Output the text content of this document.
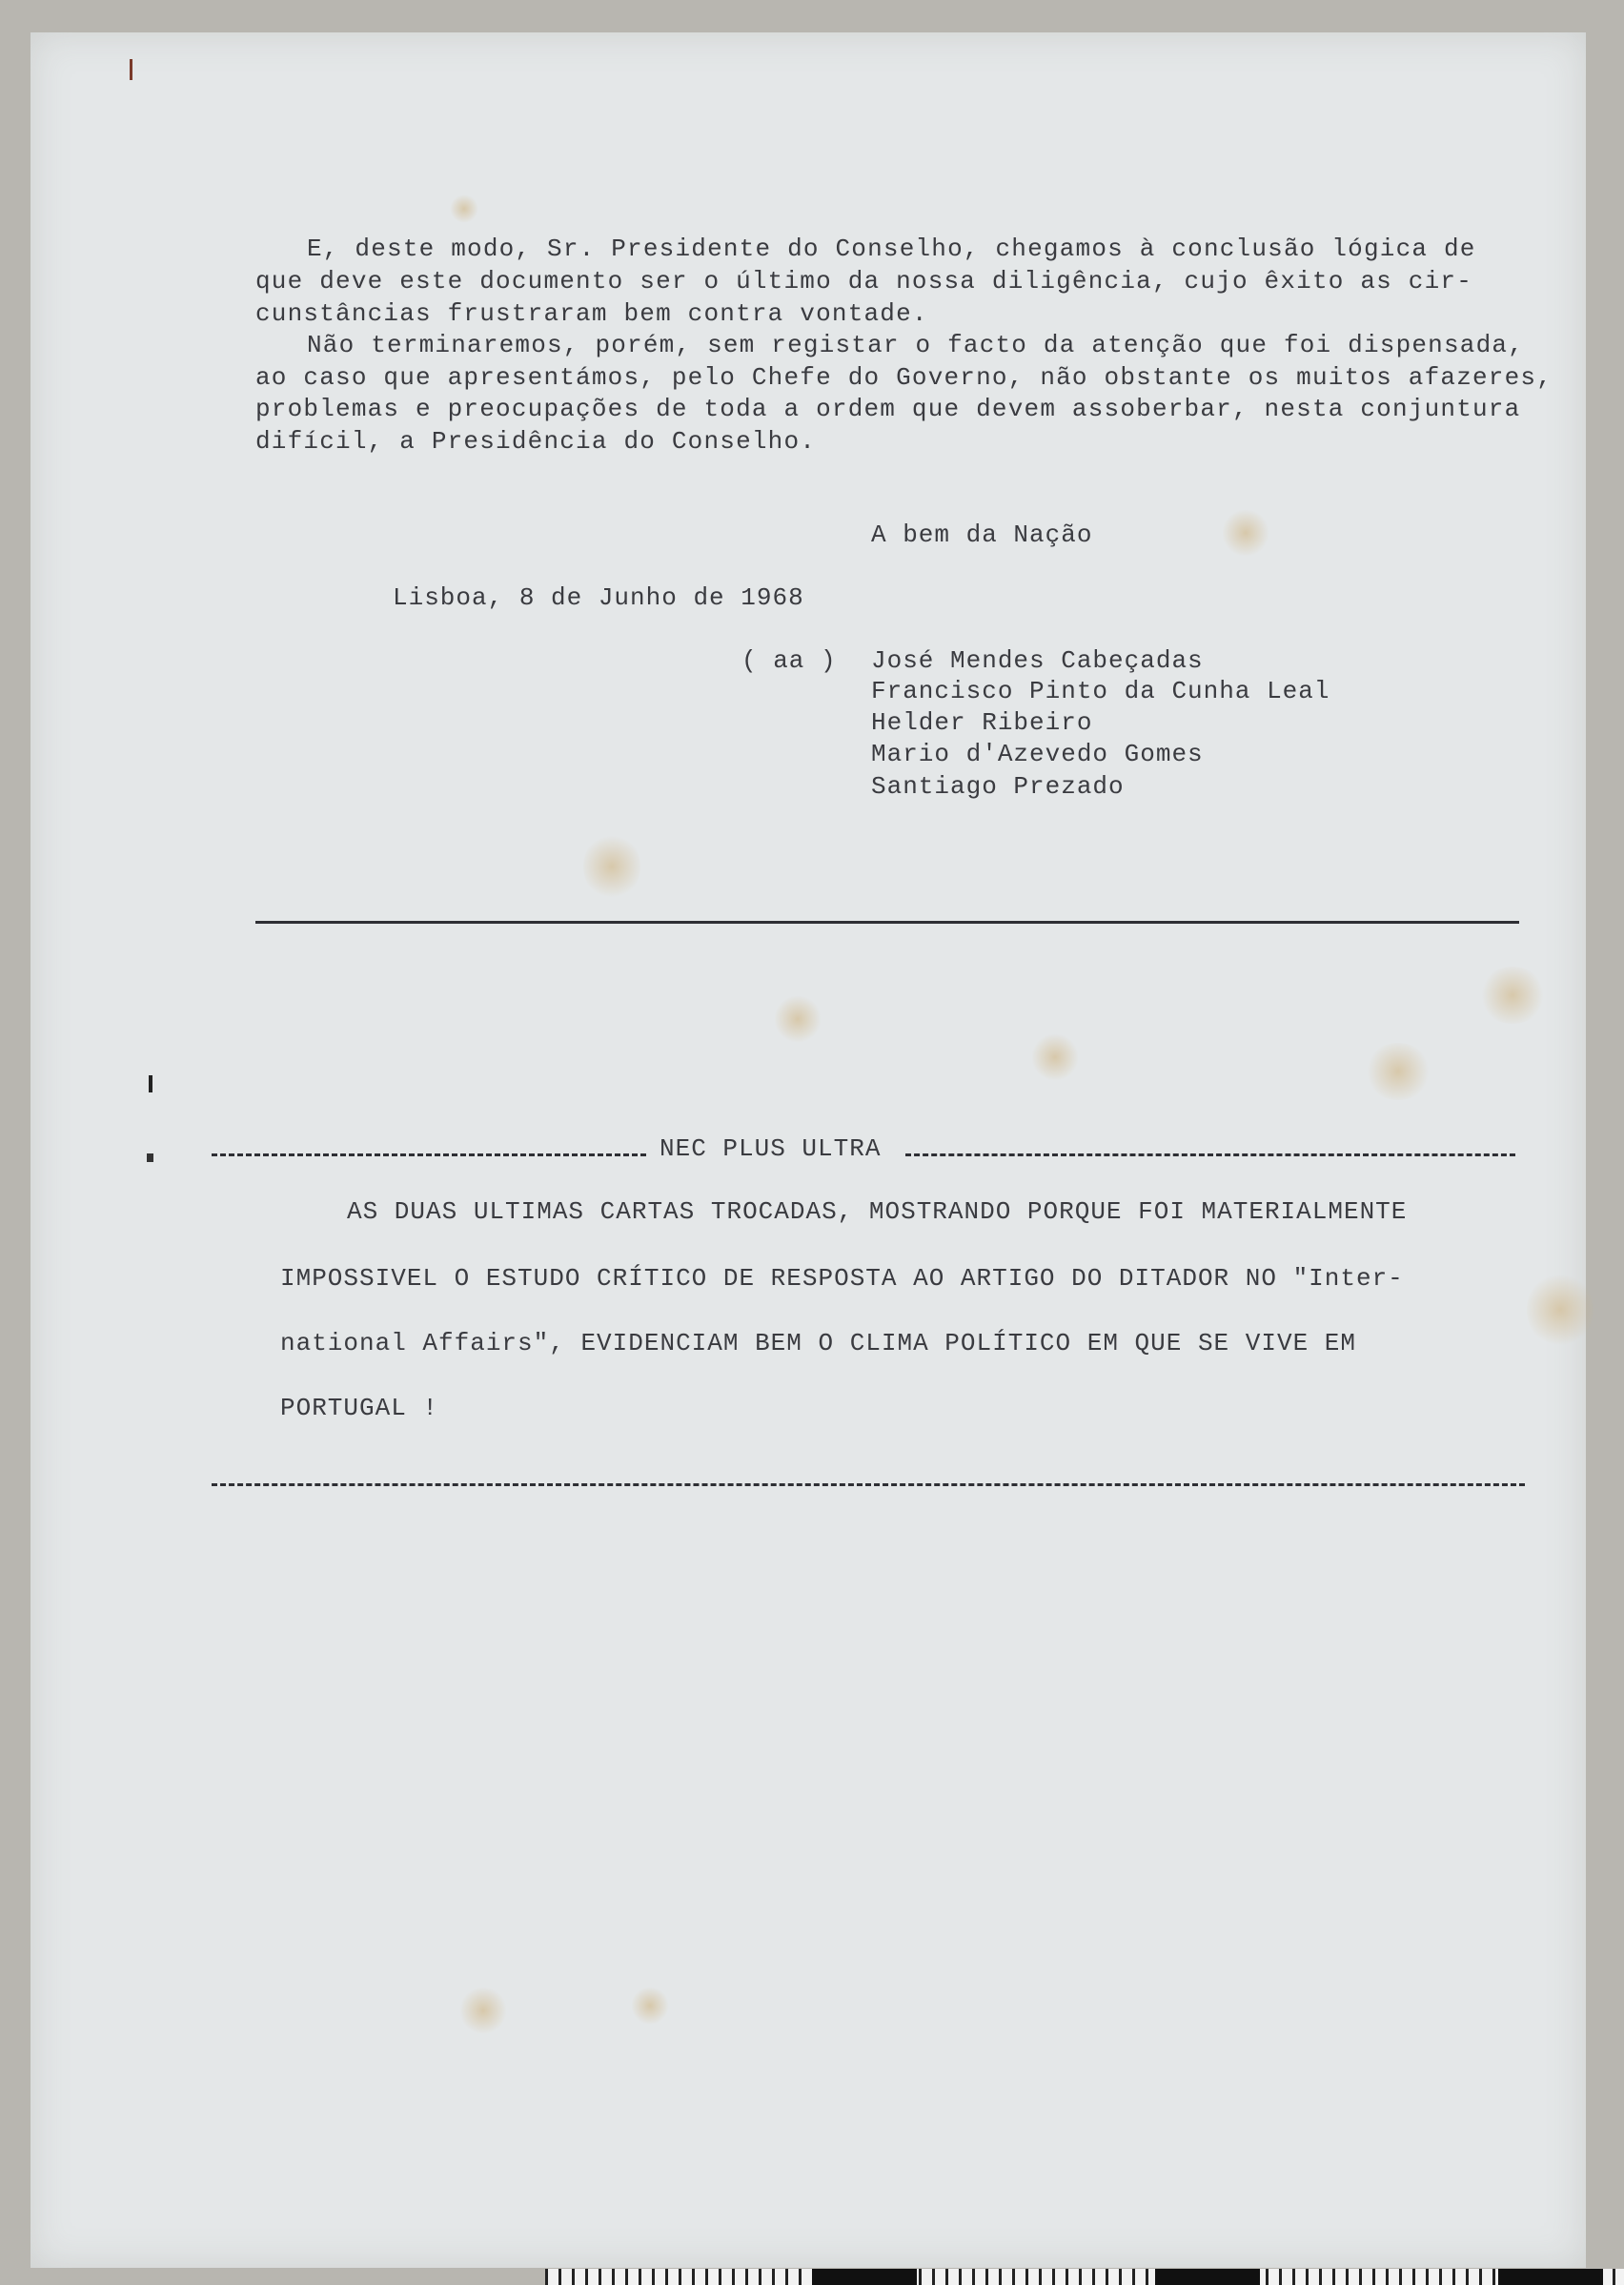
E, deste modo, Sr. Presidente do Conselho, chegamos à conclusão lógica de
que deve este documento ser o último da nossa diligência, cujo êxito as cir-
cunstâncias frustraram bem contra vontade.
Não terminaremos, porém, sem registar o facto da atenção que foi dispensada,
ao caso que apresentámos, pelo Chefe do Governo, não obstante os muitos afazeres,
problemas e preocupações de toda a ordem que devem assoberbar, nesta conjuntura
difícil, a Presidência do Conselho.
A bem da Nação
Lisboa, 8 de Junho de 1968
( aa ) José Mendes Cabeçadas
Francisco Pinto da Cunha Leal
Helder Ribeiro
Mario d'Azevedo Gomes
Santiago Prezado
NEC PLUS ULTRA
AS DUAS ULTIMAS CARTAS TROCADAS, MOSTRANDO PORQUE FOI MATERIALMENTE
IMPOSSIVEL O ESTUDO CRÍTICO DE RESPOSTA AO ARTIGO DO DITADOR NO "Inter-
national Affairs", EVIDENCIAM BEM O CLIMA POLÍTICO EM QUE SE VIVE EM
PORTUGAL !
